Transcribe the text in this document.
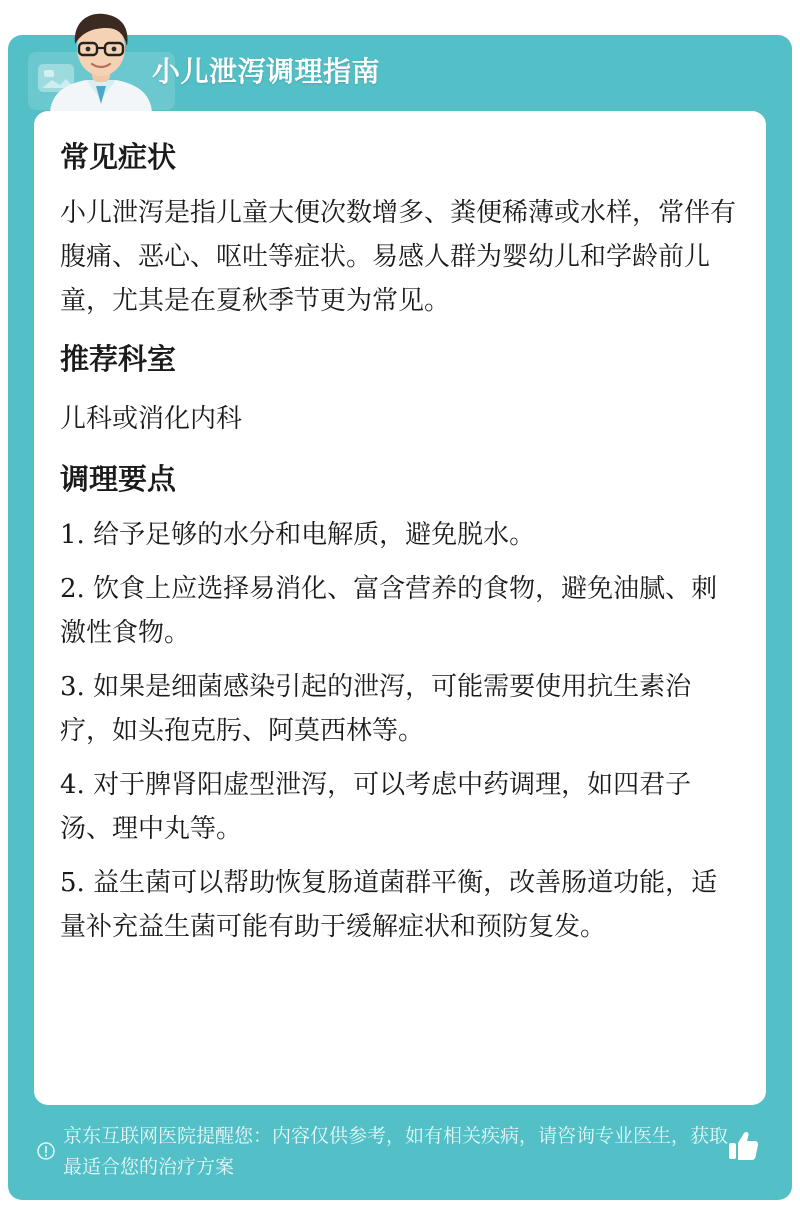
小儿泄泻调理指南
常见症状

小儿泄泻是指儿童大便次数增多、粪便稀薄或水样，常伴有腹痛、恶心、呕吐等症状。易感人群为婴幼儿和学龄前儿童，尤其是在夏秋季节更为常见。

推荐科室

儿科或消化内科

调理要点

1. 给予足够的水分和电解质，避免脱水。

2. 饮食上应选择易消化、富含营养的食物，避免油腻、刺激性食物。

3. 如果是细菌感染引起的泄泻，可能需要使用抗生素治疗，如头孢克肟、阿莫西林等。

4. 对于脾肾阳虚型泄泻，可以考虑中药调理，如四君子汤、理中丸等。

5. 益生菌可以帮助恢复肠道菌群平衡，改善肠道功能，适量补充益生菌可能有助于缓解症状和预防复发。

京东互联网医院提醒您：内容仅供参考，如有相关疾病，请咨询专业医生，获取最适合您的治疗方案
